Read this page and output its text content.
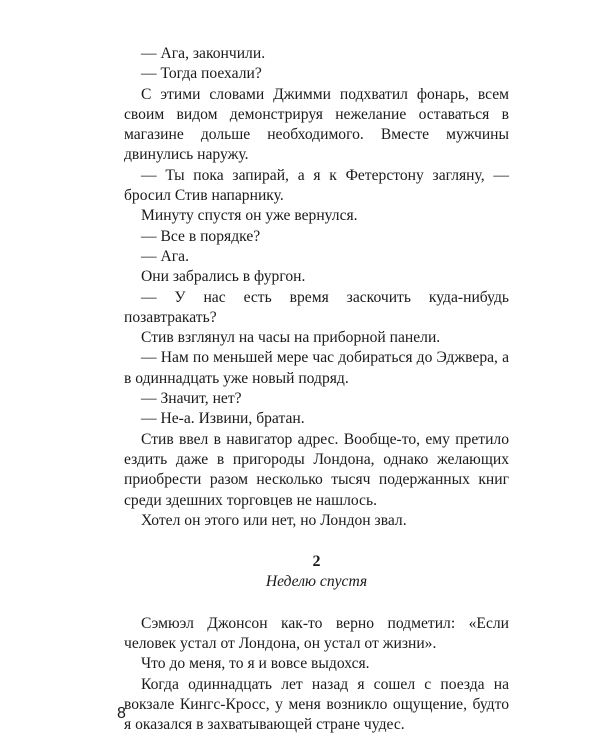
— Ага, закончили.

— Тогда поехали?

С этими словами Джимми подхватил фонарь, всем своим видом демонстрируя нежелание оставаться в магазине дольше необходимого. Вместе мужчины двинулись наружу.

— Ты пока запирай, а я к Фетерстону загляну, — бросил Стив напарнику.

Минуту спустя он уже вернулся.

— Все в порядке?

— Ага.

Они забрались в фургон.

— У нас есть время заскочить куда-нибудь позавтракать?

Стив взглянул на часы на приборной панели.

— Нам по меньшей мере час добираться до Эджвера, а в одиннадцать уже новый подряд.

— Значит, нет?

— Не-а. Извини, братан.

Стив ввел в навигатор адрес. Вообще-то, ему претило ездить даже в пригороды Лондона, однако желающих приобрести разом несколько тысяч подержанных книг среди здешних торговцев не нашлось.

Хотел он этого или нет, но Лондон звал.

2

Неделю спустя

Сэмюэл Джонсон как-то верно подметил: «Если человек устал от Лондона, он устал от жизни».

Что до меня, то я и вовсе выдохся.

Когда одиннадцать лет назад я сошел с поезда на вокзале Кингс-Кросс, у меня возникло ощущение, будто я оказался в захватывающей стране чудес.

8
